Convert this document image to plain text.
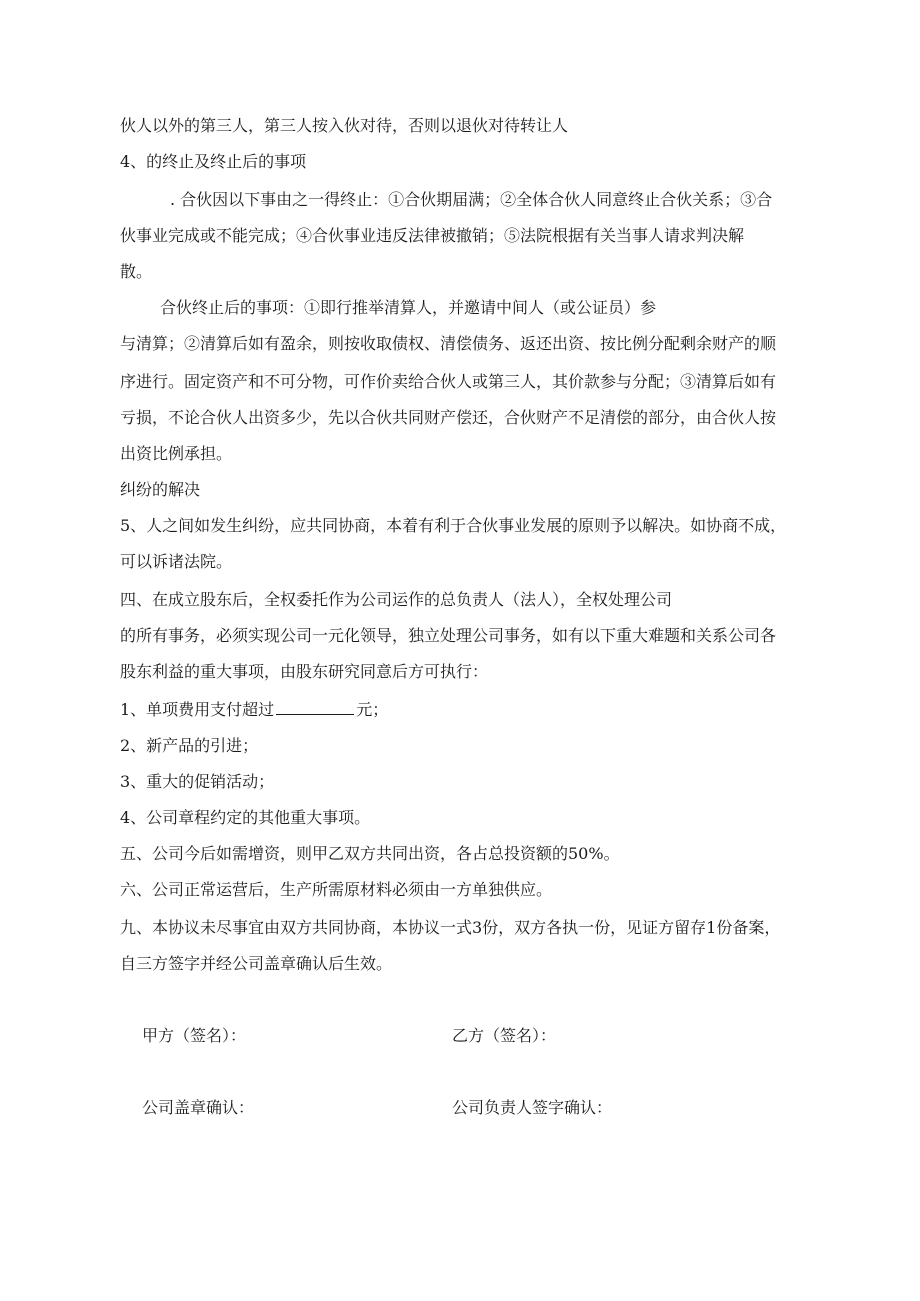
伙人以外的第三人，第三人按入伙对待，否则以退伙对待转让人
4、的终止及终止后的事项
. 合伙因以下事由之一得终止：①合伙期届满；②全体合伙人同意终止合伙关系；③合
伙事业完成或不能完成；④合伙事业违反法律被撤销；⑤法院根据有关当事人请求判决解
散。
合伙终止后的事项：①即行推举清算人，并邀请中间人（或公证员）参
与清算；②清算后如有盈余，则按收取债权、清偿债务、返还出资、按比例分配剩余财产的顺
序进行。固定资产和不可分物，可作价卖给合伙人或第三人，其价款参与分配；③清算后如有
亏损，不论合伙人出资多少，先以合伙共同财产偿还，合伙财产不足清偿的部分，由合伙人按
出资比例承担。
纠纷的解决
5、人之间如发生纠纷，应共同协商，本着有利于合伙事业发展的原则予以解决。如协商不成，
可以诉诸法院。
四、在成立股东后，全权委托作为公司运作的总负责人（法人），全权处理公司
的所有事务，必须实现公司一元化领导，独立处理公司事务，如有以下重大难题和关系公司各
股东利益的重大事项，由股东研究同意后方可执行：
1、单项费用支付超过	元；
2、新产品的引进；
3、重大的促销活动；
4、公司章程约定的其他重大事项。
五、公司今后如需增资，则甲乙双方共同出资，各占总投资额的50%。
六、公司正常运营后，生产所需原材料必须由一方单独供应。
九、本协议未尽事宜由双方共同协商，本协议一式3份，双方各执一份，见证方留存1份备案，
自三方签字并经公司盖章确认后生效。
甲方（签名）：	乙方（签名）：
公司盖章确认：	公司负责人签字确认：
